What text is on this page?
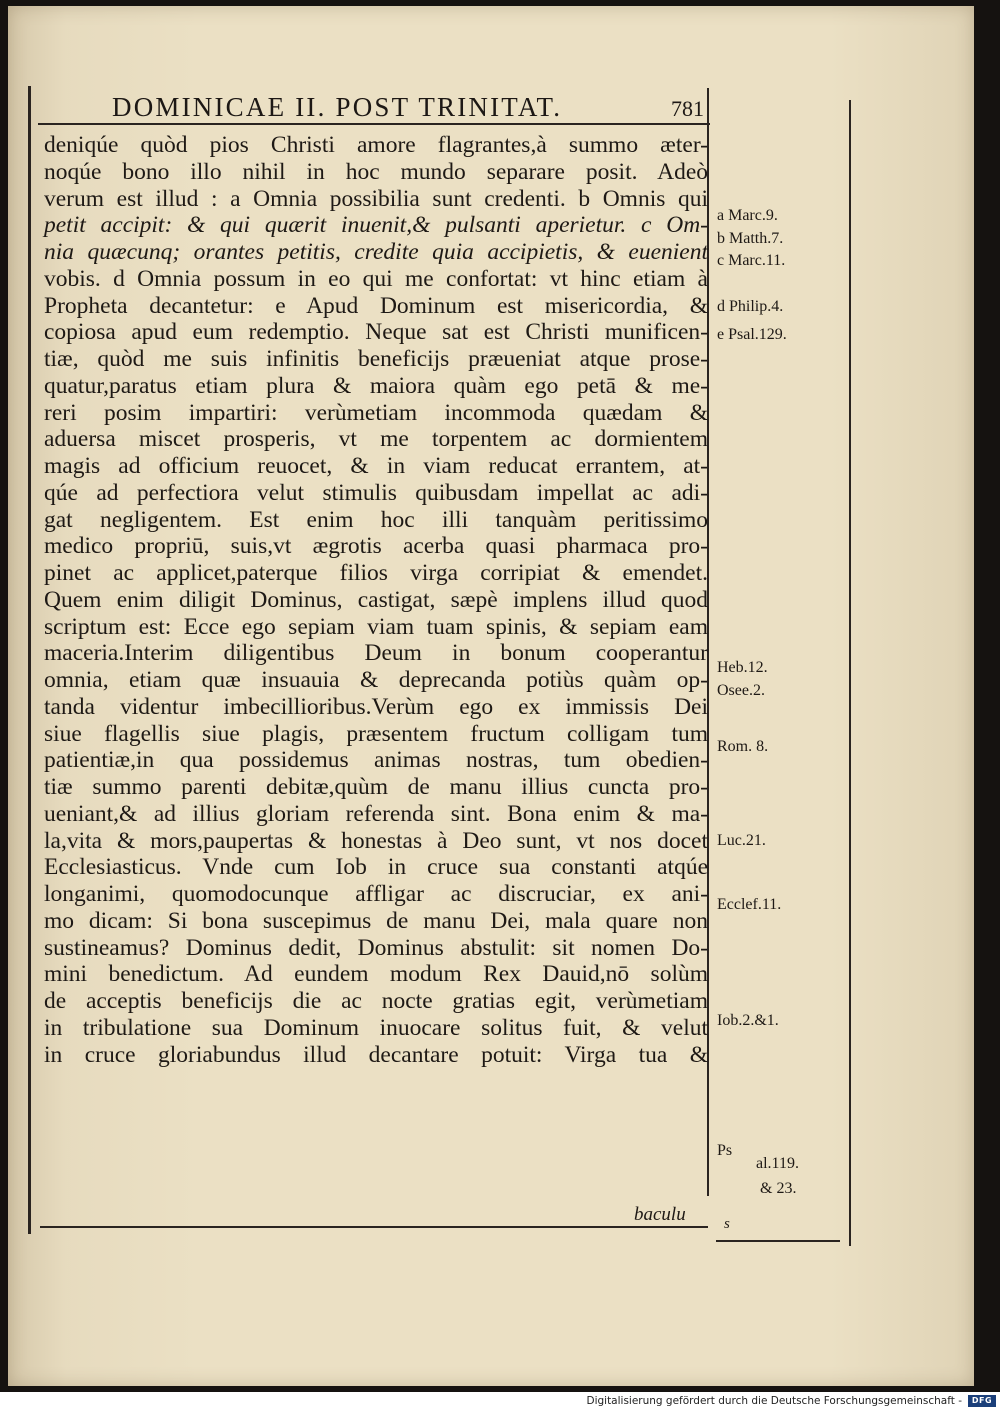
DOMINICAE II. POST TRINITAT.	781
deniqúe quòd pios Christi amore flagrantes,à summo æter-
noqúe bono illo nihil in hoc mundo separare posit. Adeò
verum est illud : a Omnia possibilia sunt credenti. b Omnis qui
petit accipit: & qui quærit inuenit,& pulsanti aperietur. c Om-
nia quæcunq; orantes petitis, credite quia accipietis, & euenient
vobis. d Omnia possum in eo qui me confortat: vt hinc etiam à
Propheta decantetur: e Apud Dominum est misericordia, &
copiosa apud eum redemptio. Neque sat est Christi munificen-
tiæ, quòd me suis infinitis beneficijs præueniat atque prose-
quatur,paratus etiam plura & maiora quàm ego petā & me-
reri posim impartiri: verùmetiam incommoda quædam &
aduersa miscet prosperis, vt me torpentem ac dormientem
magis ad officium reuocet, & in viam reducat errantem, at-
qúe ad perfectiora velut stimulis quibusdam impellat ac adi-
gat negligentem. Est enim hoc illi tanquàm peritissimo
medico propriū, suis,vt ægrotis acerba quasi pharmaca pro-
pinet ac applicet,paterque filios virga corripiat & emendet.
Quem enim diligit Dominus, castigat, sæpè implens illud quod
scriptum est: Ecce ego sepiam viam tuam spinis, & sepiam eam
maceria.Interim diligentibus Deum in bonum cooperantur
omnia, etiam quæ insuauia & deprecanda potiùs quàm op-
tanda videntur imbecillioribus.Verùm ego ex immissis Dei
siue flagellis siue plagis, præsentem fructum colligam tum
patientiæ,in qua possidemus animas nostras, tum obedien-
tiæ summo parenti debitæ,quùm de manu illius cuncta pro-
ueniant,& ad illius gloriam referenda sint. Bona enim & ma-
la,vita & mors,paupertas & honestas à Deo sunt, vt nos docet
Ecclesiasticus. Vnde cum Iob in cruce sua constanti atqúe
longanimi, quomodocunque affligar ac discruciar, ex ani-
mo dicam: Si bona suscepimus de manu Dei, mala quare non
sustineamus? Dominus dedit, Dominus abstulit: sit nomen Do-
mini benedictum. Ad eundem modum Rex Dauid,nō solùm
de acceptis beneficijs die ac nocte gratias egit, verùmetiam
in tribulatione sua Dominum inuocare solitus fuit, & velut
in cruce gloriabundus illud decantare potuit: Virga tua &
a Marc.9.
b Matth.7.
c Marc.11.
d Philip.4.
e Psal.129.
Heb.12.
Osee.2.
Rom. 8.
Luc.21.
Ecclef.11.
Iob.2.&1.
Ps
al.119.
& 23.
baculu	s
Digitalisierung gefördert durch die Deutsche Forschungsgemeinschaft -	DFG
